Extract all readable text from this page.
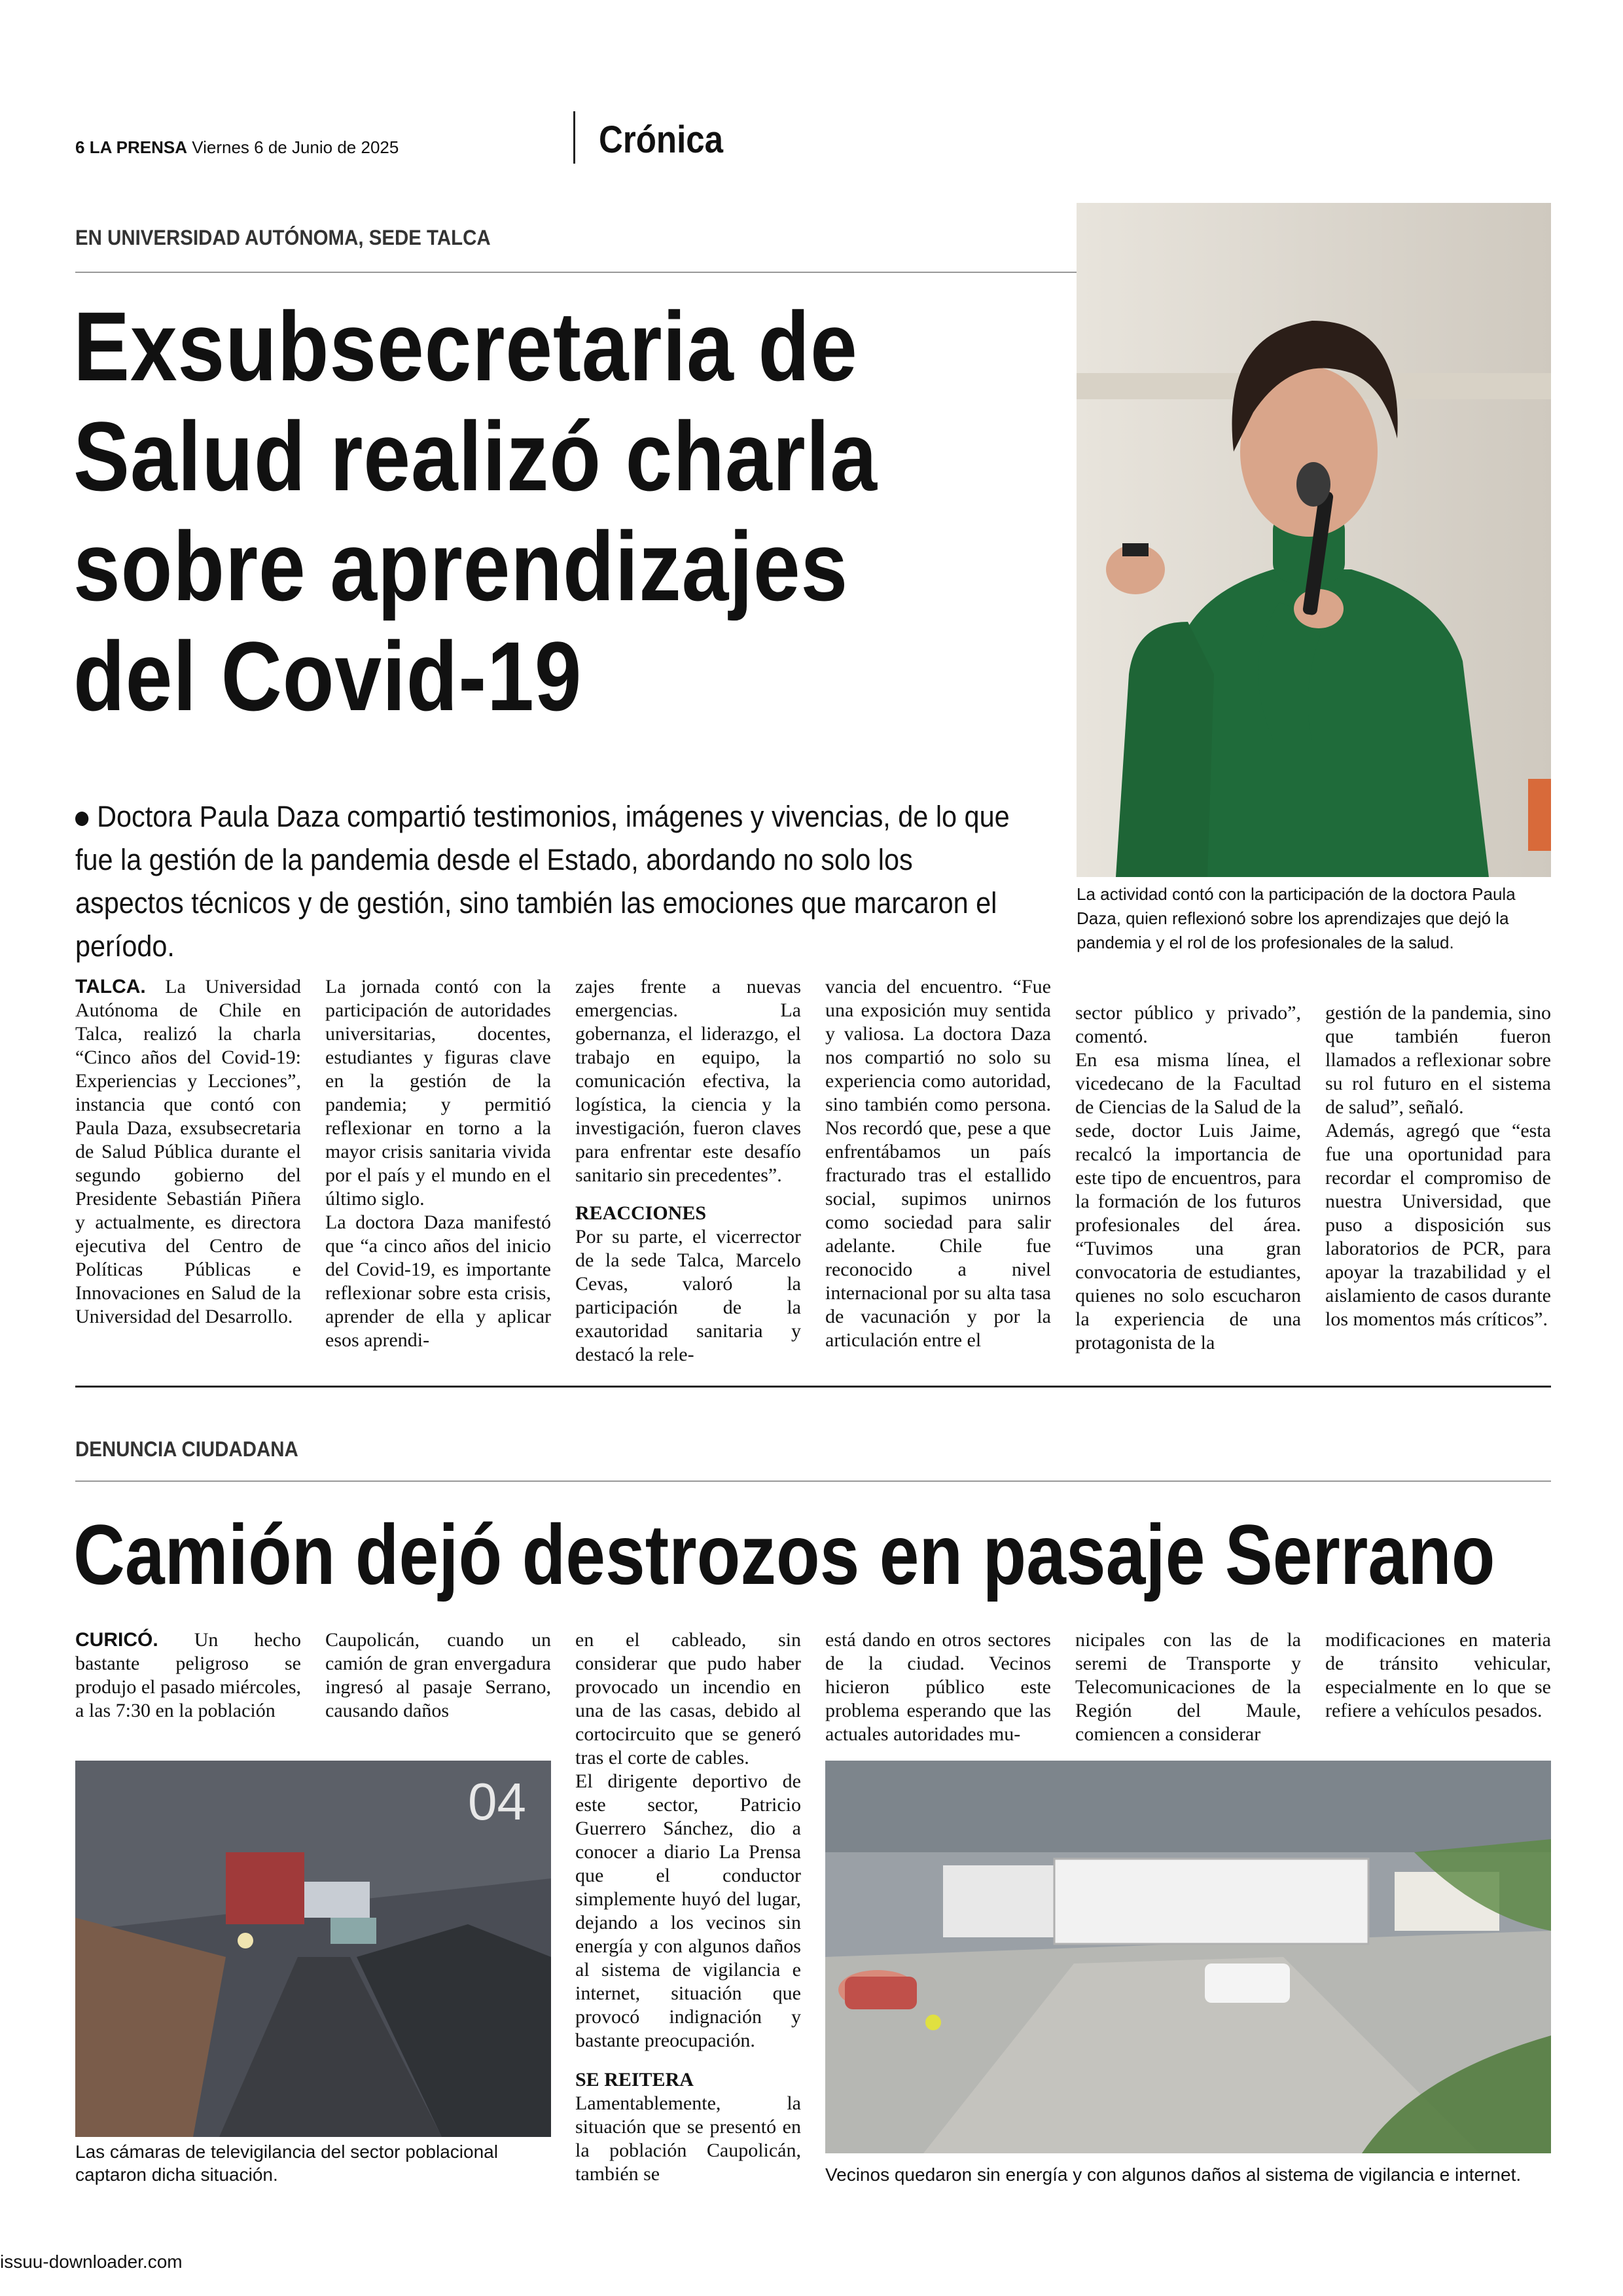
6 LA PRENSA Viernes 6 de Junio de 2025	Crónica
EN UNIVERSIDAD AUTÓNOMA, SEDE TALCA
Exsubsecretaria de
Salud realizó charla
sobre aprendizajes
del Covid-19
Doctora Paula Daza compartió testimonios, imágenes y vivencias, de lo que fue la gestión de la pandemia desde el Estado, abordando no solo los aspectos técnicos y de gestión, sino también las emociones que marcaron el período.
La actividad contó con la participación de la doctora Paula Daza, quien reflexionó sobre los aprendizajes que dejó la pandemia y el rol de los profesionales de la salud.

TALCA. La Universidad Autónoma de Chile en Talca, realizó la charla “Cinco años del Covid-19: Experiencias y Lecciones”, instancia que contó con Paula Daza, exsubsecretaria de Salud Pública durante el segundo gobierno del Presidente Sebastián Piñera y actualmente, es directora ejecutiva del Centro de Políticas Públicas e Innovaciones en Salud de la Universidad del Desarrollo.

La jornada contó con la participación de autoridades universitarias, docentes, estudiantes y figuras clave en la gestión de la pandemia; y permitió reflexionar en torno a la mayor crisis sanitaria vivida por el país y el mundo en el último siglo.
La doctora Daza manifestó que “a cinco años del inicio del Covid-19, es importante reflexionar sobre esta crisis, aprender de ella y aplicar esos aprendi-

zajes frente a nuevas emergencias. La gobernanza, el liderazgo, el trabajo en equipo, la comunicación efectiva, la logística, la ciencia y la investigación, fueron claves para enfrentar este desafío sanitario sin precedentes”.

REACCIONES

Por su parte, el vicerrector de la sede Talca, Marcelo Cevas, valoró la participación de la exautoridad sanitaria y destacó la rele-

vancia del encuentro. “Fue una exposición muy sentida y valiosa. La doctora Daza nos compartió no solo su experiencia como autoridad, sino también como persona. Nos recordó que, pese a que enfrentábamos un país fracturado tras el estallido social, supimos unirnos como sociedad para salir adelante. Chile fue reconocido a nivel internacional por su alta tasa de vacunación y por la articulación entre el

sector público y privado”, comentó.
En esa misma línea, el vicedecano de la Facultad de Ciencias de la Salud de la sede, doctor Luis Jaime, recalcó la importancia de este tipo de encuentros, para la formación de los futuros profesionales del área. “Tuvimos una gran convocatoria de estudiantes, quienes no solo escucharon la experiencia de una protagonista de la

gestión de la pandemia, sino que también fueron llamados a reflexionar sobre su rol futuro en el sistema de salud”, señaló.
Además, agregó que “esta fue una oportunidad para recordar el compromiso de nuestra Universidad, que puso a disposición sus laboratorios de PCR, para apoyar la trazabilidad y el aislamiento de casos durante los momentos más críticos”.

DENUNCIA CIUDADANA
Camión dejó destrozos en pasaje Serrano

CURICÓ. Un hecho bastante peligroso se produjo el pasado miércoles, a las 7:30 en la población

Caupolicán, cuando un camión de gran envergadura ingresó al pasaje Serrano, causando daños

en el cableado, sin considerar que pudo haber provocado un incendio en una de las casas, debido al cortocircuito que se generó tras el corte de cables.
El dirigente deportivo de este sector, Patricio Guerrero Sánchez, dio a conocer a diario La Prensa que el conductor simplemente huyó del lugar, dejando a los vecinos sin energía y con algunos daños al sistema de vigilancia e internet, situación que provocó indignación y bastante preocupación.

SE REITERA

Lamentablemente, la situación que se presentó en la población Caupolicán, también se

está dando en otros sectores de la ciudad. Vecinos hicieron público este problema esperando que las actuales autoridades mu-

nicipales con las de la seremi de Transporte y Telecomunicaciones de la Región del Maule, comiencen a considerar

modificaciones en materia de tránsito vehicular, especialmente en lo que se refiere a vehículos pesados.

04
Las cámaras de televigilancia del sector poblacional captaron dicha situación.	Vecinos quedaron sin energía y con algunos daños al sistema de vigilancia e internet.
issuu-downloader.com
